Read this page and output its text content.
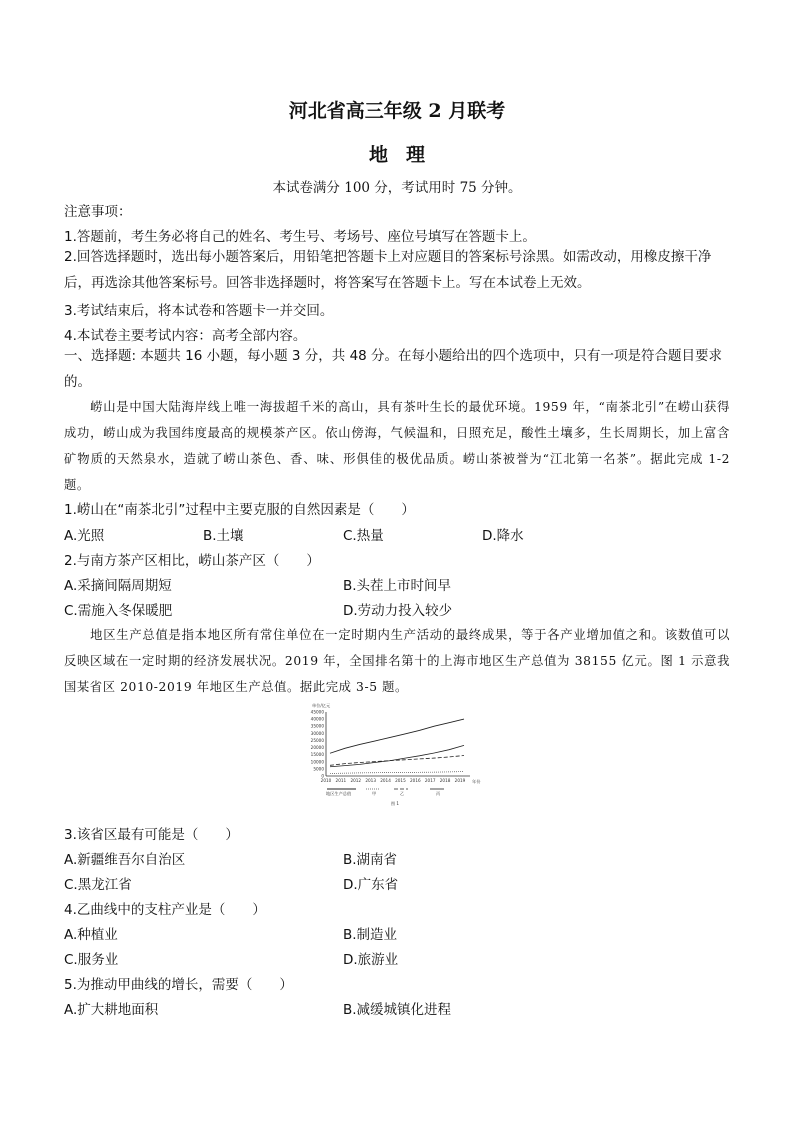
河北省高三年级 2 月联考
地理
本试卷满分 100 分，考试用时 75 分钟。
注意事项：
1.答题前，考生务必将自己的姓名、考生号、考场号、座位号填写在答题卡上。
2.回答选择题时，选出每小题答案后，用铅笔把答题卡上对应题目的答案标号涂黑。如需改动，用橡皮擦干净后，再选涂其他答案标号。回答非选择题时，将答案写在答题卡上。写在本试卷上无效。
3.考试结束后，将本试卷和答题卡一并交回。
4.本试卷主要考试内容：高考全部内容。
一、选择题: 本题共 16 小题，每小题 3 分，共 48 分。在每小题给出的四个选项中，只有一项是符合题目要求的。
崂山是中国大陆海岸线上唯一海拔超千米的高山，具有茶叶生长的最优环境。1959 年，“南茶北引”在崂山获得成功，崂山成为我国纬度最高的规模茶产区。依山傍海，气候温和，日照充足，酸性土壤多，生长周期长，加上富含矿物质的天然泉水，造就了崂山茶色、香、味、形俱佳的极优品质。崂山茶被誉为“江北第一名茶”。据此完成 1-2 题。
1.崂山在“南茶北引”过程中主要克服的自然因素是（　　）
A.光照	B.土壤	C.热量	D.降水
2.与南方茶产区相比，崂山茶产区（　　）
A.采摘间隔周期短	B.头茬上市时间早
C.需施入冬保暖肥	D.劳动力投入较少
地区生产总值是指本地区所有常住单位在一定时期内生产活动的最终成果，等于各产业增加值之和。该数值可以反映区域在一定时期的经济发展状况。2019 年，全国排名第十的上海市地区生产总值为 38155 亿元。图 1 示意我国某省区 2010-2019 年地区生产总值。据此完成 3-5 题。
单位/亿元
45000
40000
35000
30000
25000
20000
15000
10000
5000
0
2010 2011 2012 2013 2014 2015 2016 2017 2018 2019 年份
地区生产总值	甲	乙	丙
图 1
3.该省区最有可能是（　　）
A.新疆维吾尔自治区	B.湖南省
C.黑龙江省	D.广东省
4.乙曲线中的支柱产业是（　　）
A.种植业	B.制造业
C.服务业	D.旅游业
5.为推动甲曲线的增长，需要（　　）
A.扩大耕地面积	B.减缓城镇化进程
